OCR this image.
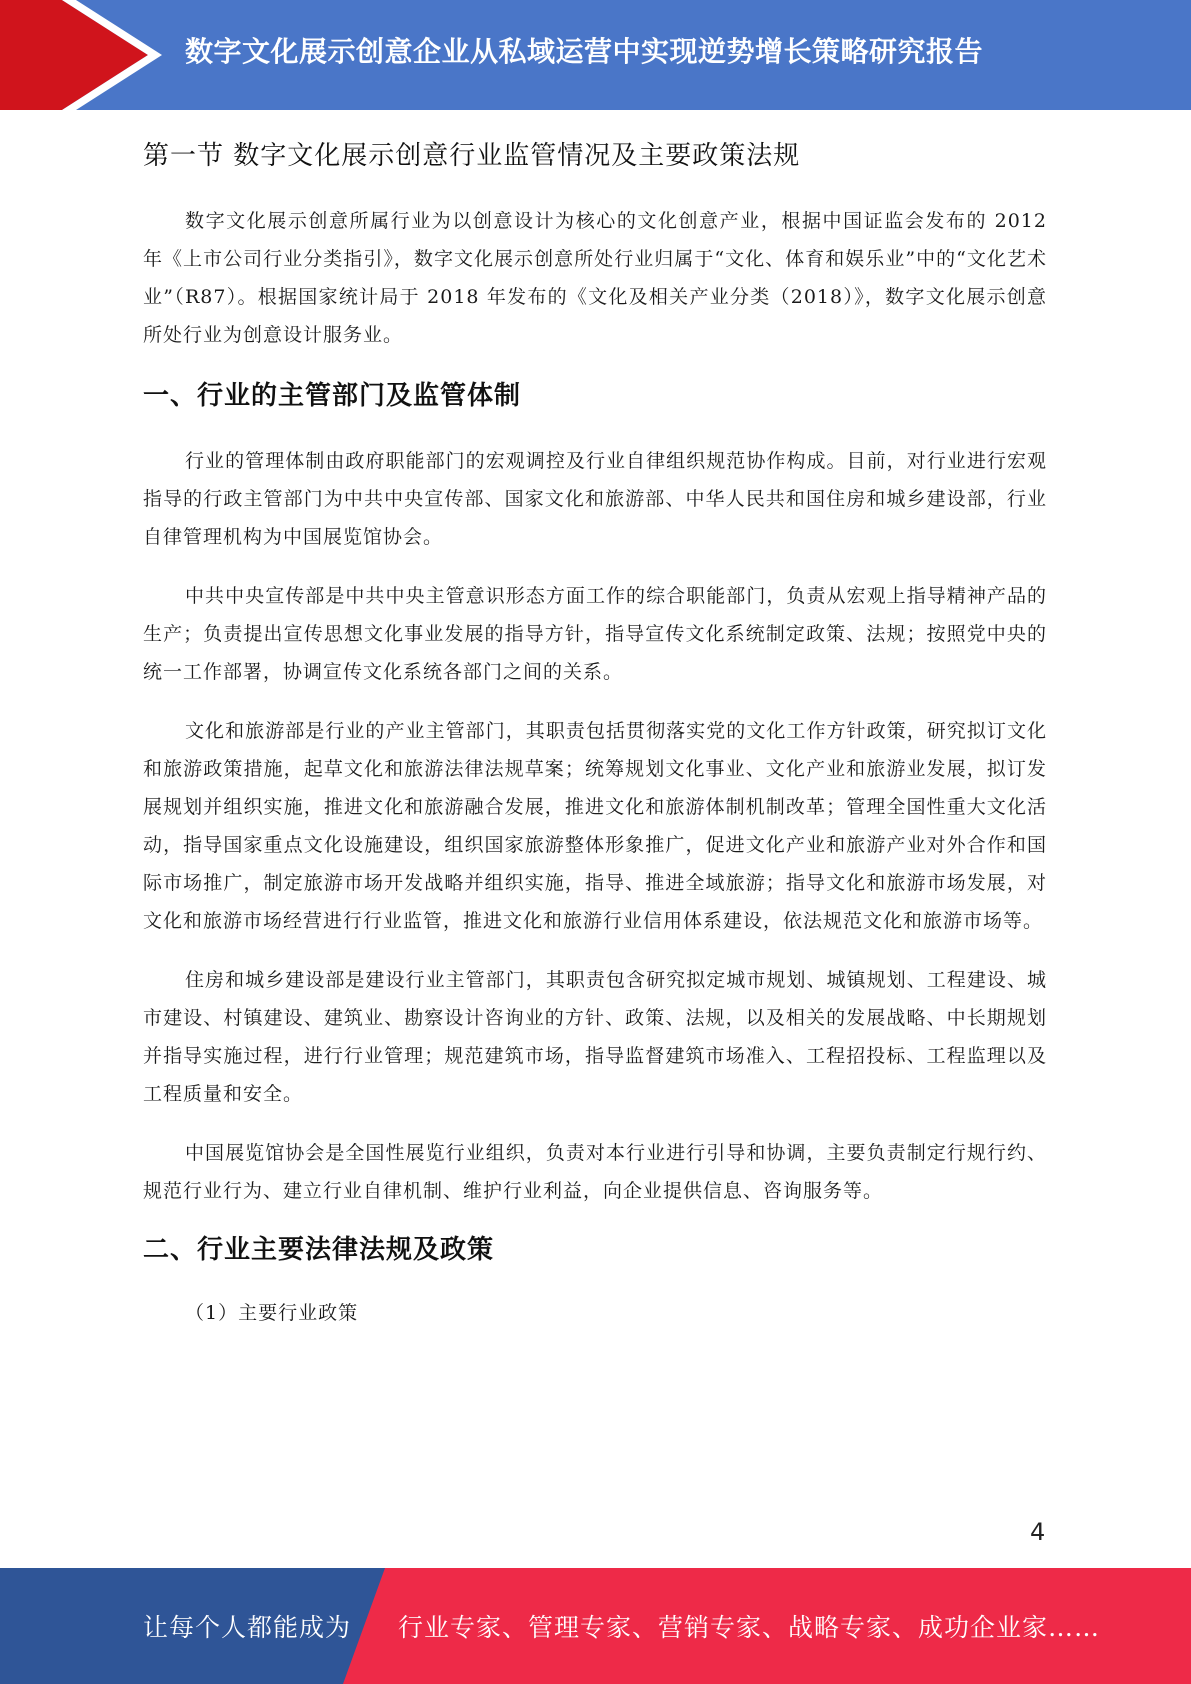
数字文化展示创意企业从私域运营中实现逆势增长策略研究报告
第一节 数字文化展示创意行业监管情况及主要政策法规

数字文化展示创意所属行业为以创意设计为核心的文化创意产业，根据中国证监会发布的 2012 年《上市公司行业分类指引》，数字文化展示创意所处行业归属于“文化、体育和娱乐业”中的“文化艺术业”（R87）。根据国家统计局于 2018 年发布的《文化及相关产业分类（2018）》，数字文化展示创意所处行业为创意设计服务业。

一、行业的主管部门及监管体制

行业的管理体制由政府职能部门的宏观调控及行业自律组织规范协作构成。目前，对行业进行宏观指导的行政主管部门为中共中央宣传部、国家文化和旅游部、中华人民共和国住房和城乡建设部，行业自律管理机构为中国展览馆协会。

中共中央宣传部是中共中央主管意识形态方面工作的综合职能部门，负责从宏观上指导精神产品的生产；负责提出宣传思想文化事业发展的指导方针，指导宣传文化系统制定政策、法规；按照党中央的统一工作部署，协调宣传文化系统各部门之间的关系。

文化和旅游部是行业的产业主管部门，其职责包括贯彻落实党的文化工作方针政策，研究拟订文化和旅游政策措施，起草文化和旅游法律法规草案；统筹规划文化事业、文化产业和旅游业发展，拟订发展规划并组织实施，推进文化和旅游融合发展，推进文化和旅游体制机制改革；管理全国性重大文化活动，指导国家重点文化设施建设，组织国家旅游整体形象推广，促进文化产业和旅游产业对外合作和国际市场推广，制定旅游市场开发战略并组织实施，指导、推进全域旅游；指导文化和旅游市场发展，对文化和旅游市场经营进行行业监管，推进文化和旅游行业信用体系建设，依法规范文化和旅游市场等。

住房和城乡建设部是建设行业主管部门，其职责包含研究拟定城市规划、城镇规划、工程建设、城市建设、村镇建设、建筑业、勘察设计咨询业的方针、政策、法规，以及相关的发展战略、中长期规划并指导实施过程，进行行业管理；规范建筑市场，指导监督建筑市场准入、工程招投标、工程监理以及工程质量和安全。

中国展览馆协会是全国性展览行业组织，负责对本行业进行引导和协调，主要负责制定行规行约、规范行业行为、建立行业自律机制、维护行业利益，向企业提供信息、咨询服务等。

二、行业主要法律法规及政策
（1）主要行业政策
4
让每个人都能成为 行业专家、管理专家、营销专家、战略专家、成功企业家……
